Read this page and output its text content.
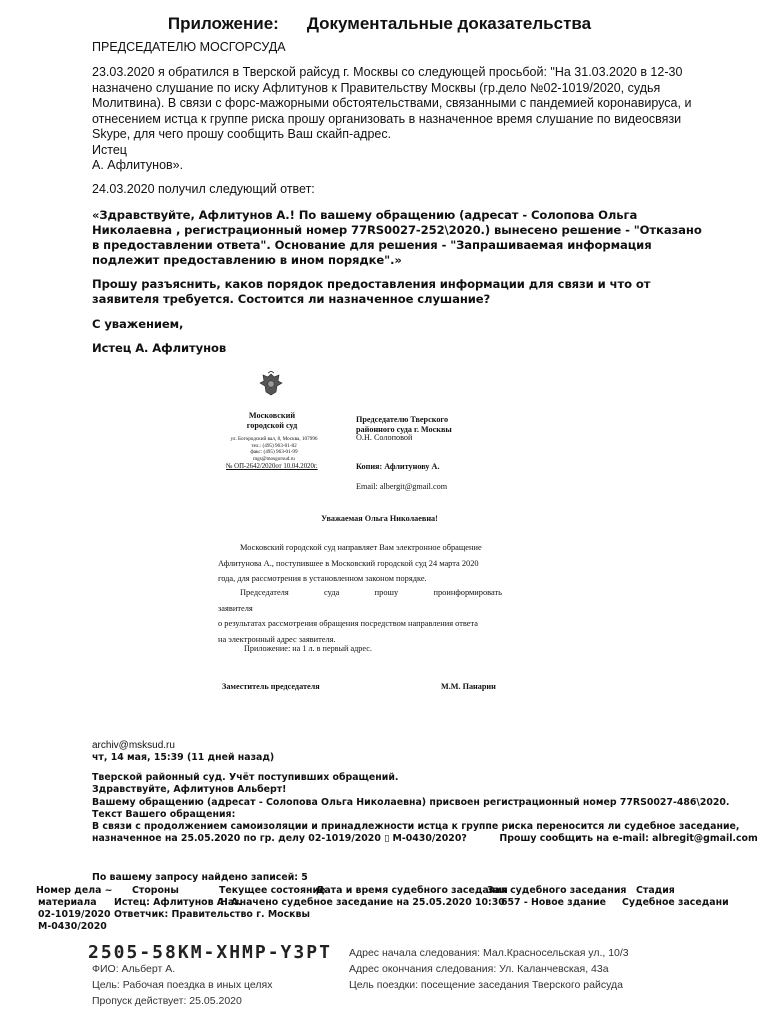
Приложение: Документальные доказательства
ПРЕДСЕДАТЕЛЮ МОСГОРСУДА
23.03.2020 я обратился в Тверской райсуд г. Москвы со следующей просьбой: "На 31.03.2020 в 12-30
назначено слушание по иску Афлитунов к Правительству Москвы (гр.дело №02-1019/2020, судья
Молитвина). В связи с форс-мажорными обстоятельствами, связанными с пандемией коронавируса, и
отнесением истца к группе риска прошу организовать в назначенное время слушание по видеосвязи
Skype, для чего прошу сообщить Ваш скайп-адрес.
Истец
А. Афлитунов».
24.03.2020 получил следующий ответ:
«Здравствуйте, Афлитунов А.! По вашему обращению (адресат - Солопова Ольга
Николаевна , регистрационный номер 77RS0027-252\2020.) вынесено решение - "Отказано
в предоставлении ответа". Основание для решения - "Запрашиваемая информация
подлежит предоставлению в ином порядке".»
Прошу разъяснить, каков порядок предоставления информации для связи и что от
заявителя требуется. Состоится ли назначенное слушание?
С уважением,
Истец А. Афлитунов
Московский
городской суд
ул. Богородский вал, 8, Москва, 107996
тел.: (495) 963-01-82
факс: (495) 963-01-99
mgs@mosgorsud.ru
№ ОП-2642/2020от 10.04.2020г.
Председателю Тверского
районного суда г. Москвы
О.Н. Солоповой
Копия: Афлитунову А.
Email: albergit@gmail.com
Уважаемая Ольга Николаевна!
Московский городской суд направляет Вам электронное обращение
Афлитунова А., поступившее в Московский городской суд 24 марта 2020
года, для рассмотрения в установленном законом порядке.
Председателя суда прошу проинформировать заявителя
о результатах рассмотрения обращения посредством направления ответа
на электронный адрес заявителя.
Приложение: на 1 л. в первый адрес.
Заместитель председателя	М.М. Панарин
archiv@msksud.ru
чт, 14 мая, 15:39 (11 дней назад)
Тверской районный суд. Учёт поступивших обращений.
Здравствуйте, Афлитунов Альберт!
Вашему обращению (адресат - Солопова Ольга Николаевна) присвоен регистрационный номер 77RS0027-486\2020.
Текст Вашего обращения:
В связи с продолжением самоизоляции и принадлежности истца к группе риска переносится ли судебное заседание,
назначенное на 25.05.2020 по гр. делу 02-1019/2020 ▯ М-0430/2020?          Прошу сообщить на e-mail: albregit@gmail.com
По вашему запросу найдено записей: 5
Номер дела ~
материала
Стороны	Текущее состояние
Дата и время судебного заседания
Зал судебного заседания Стадия
02-1019/2020
М-0430/2020
Истец: Афлитунов А. А.
Ответчик: Правительство г. Москвы
Назначено судебное заседание на 25.05.2020 10:30
657 - Новое здание Судебное заседани
2505-58KM-XHMP-Y3PT
ФИО: Альберт А.
Цель: Рабочая поездка в иных целях
Пропуск действует: 25.05.2020
Адрес начала следования: Мал.Красносельская ул., 10/3
Адрес окончания следования: Ул. Каланчевская, 43а
Цель поездки: посещение заседания Тверского райсуда
